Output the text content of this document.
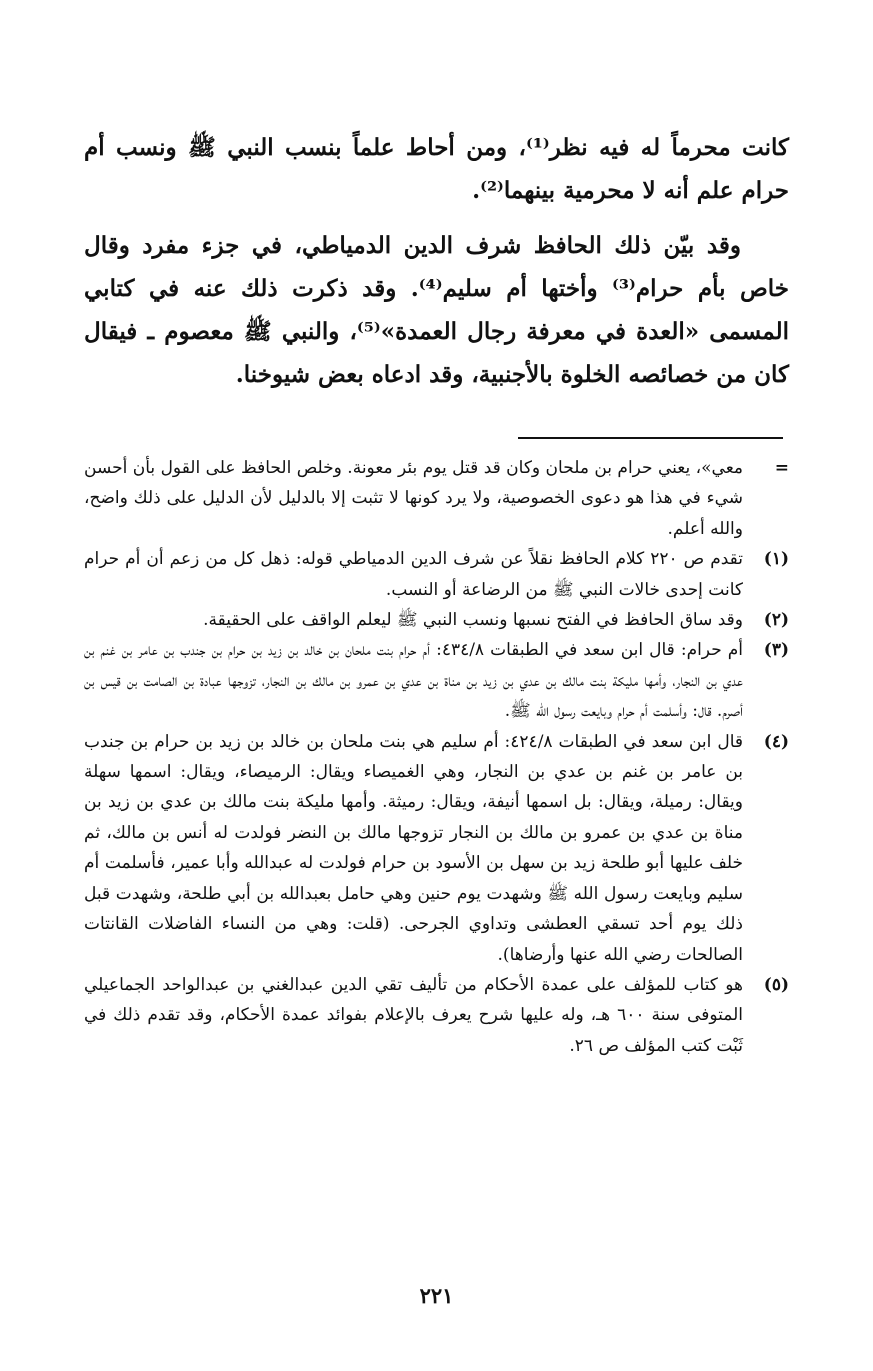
كانت محرماً له فيه نظر⁽¹⁾، ومن أحاط علماً بنسب النبي ﷺ ونسب أم حرام علم أنه لا محرمية بينهما⁽²⁾.

وقد بيّن ذلك الحافظ شرف الدين الدمياطي، في جزء مفرد وقال خاص بأم حرام⁽³⁾ وأختها أم سليم⁽⁴⁾. وقد ذكرت ذلك عنه في كتابي المسمى «العدة في معرفة رجال العمدة»⁽⁵⁾، والنبي ﷺ معصوم ـ فيقال كان من خصائصه الخلوة بالأجنبية، وقد ادعاه بعض شيوخنا.

=
معي»، يعني حرام بن ملحان وكان قد قتل يوم بئر معونة. وخلص الحافظ على القول بأن أحسن شيء في هذا هو دعوى الخصوصية، ولا يرد كونها لا تثبت إلا بالدليل لأن الدليل على ذلك واضح، والله أعلم.
(١)
تقدم ص ٢٢٠ كلام الحافظ نقلاً عن شرف الدين الدمياطي قوله: ذهل كل من زعم أن أم حرام كانت إحدى خالات النبي ﷺ من الرضاعة أو النسب.
(٢)
وقد ساق الحافظ في الفتح نسبها ونسب النبي ﷺ ليعلم الواقف على الحقيقة.
(٣)
أم حرام: قال ابن سعد في الطبقات ٤٣٤/٨: أم حرام بنت ملحان بن خالد بن زيد بن حرام بن جندب بن عامر بن غنم بن عدي بن النجار، وأمها مليكة بنت مالك بن عدي بن زيد بن مناة بن عدي بن عمرو بن مالك بن النجار، تزوجها عبادة بن الصامت بن قيس بن أصرم. قال: وأسلمت أم حرام وبايعت رسول الله ﷺ.
(٤)
قال ابن سعد في الطبقات ٤٢٤/٨: أم سليم هي بنت ملحان بن خالد بن زيد بن حرام بن جندب بن عامر بن غنم بن عدي بن النجار، وهي الغميصاء ويقال: الرميصاء، ويقال: اسمها سهلة ويقال: رميلة، ويقال: بل اسمها أنيفة، ويقال: رميثة. وأمها مليكة بنت مالك بن عدي بن زيد بن مناة بن عدي بن عمرو بن مالك بن النجار تزوجها مالك بن النضر فولدت له أنس بن مالك، ثم خلف عليها أبو طلحة زيد بن سهل بن الأسود بن حرام فولدت له عبدالله وأبا عمير، فأسلمت أم سليم وبايعت رسول الله ﷺ وشهدت يوم حنين وهي حامل بعبدالله بن أبي طلحة، وشهدت قبل ذلك يوم أحد تسقي العطشى وتداوي الجرحى. (قلت: وهي من النساء الفاضلات القانتات الصالحات رضي الله عنها وأرضاها).
(٥)
هو كتاب للمؤلف على عمدة الأحكام من تأليف تقي الدين عبدالغني بن عبدالواحد الجماعيلي المتوفى سنة ٦٠٠ هـ، وله عليها شرح يعرف بالإعلام بفوائد عمدة الأحكام، وقد تقدم ذلك في ثَبْت كتب المؤلف ص ٢٦.
٢٢١
